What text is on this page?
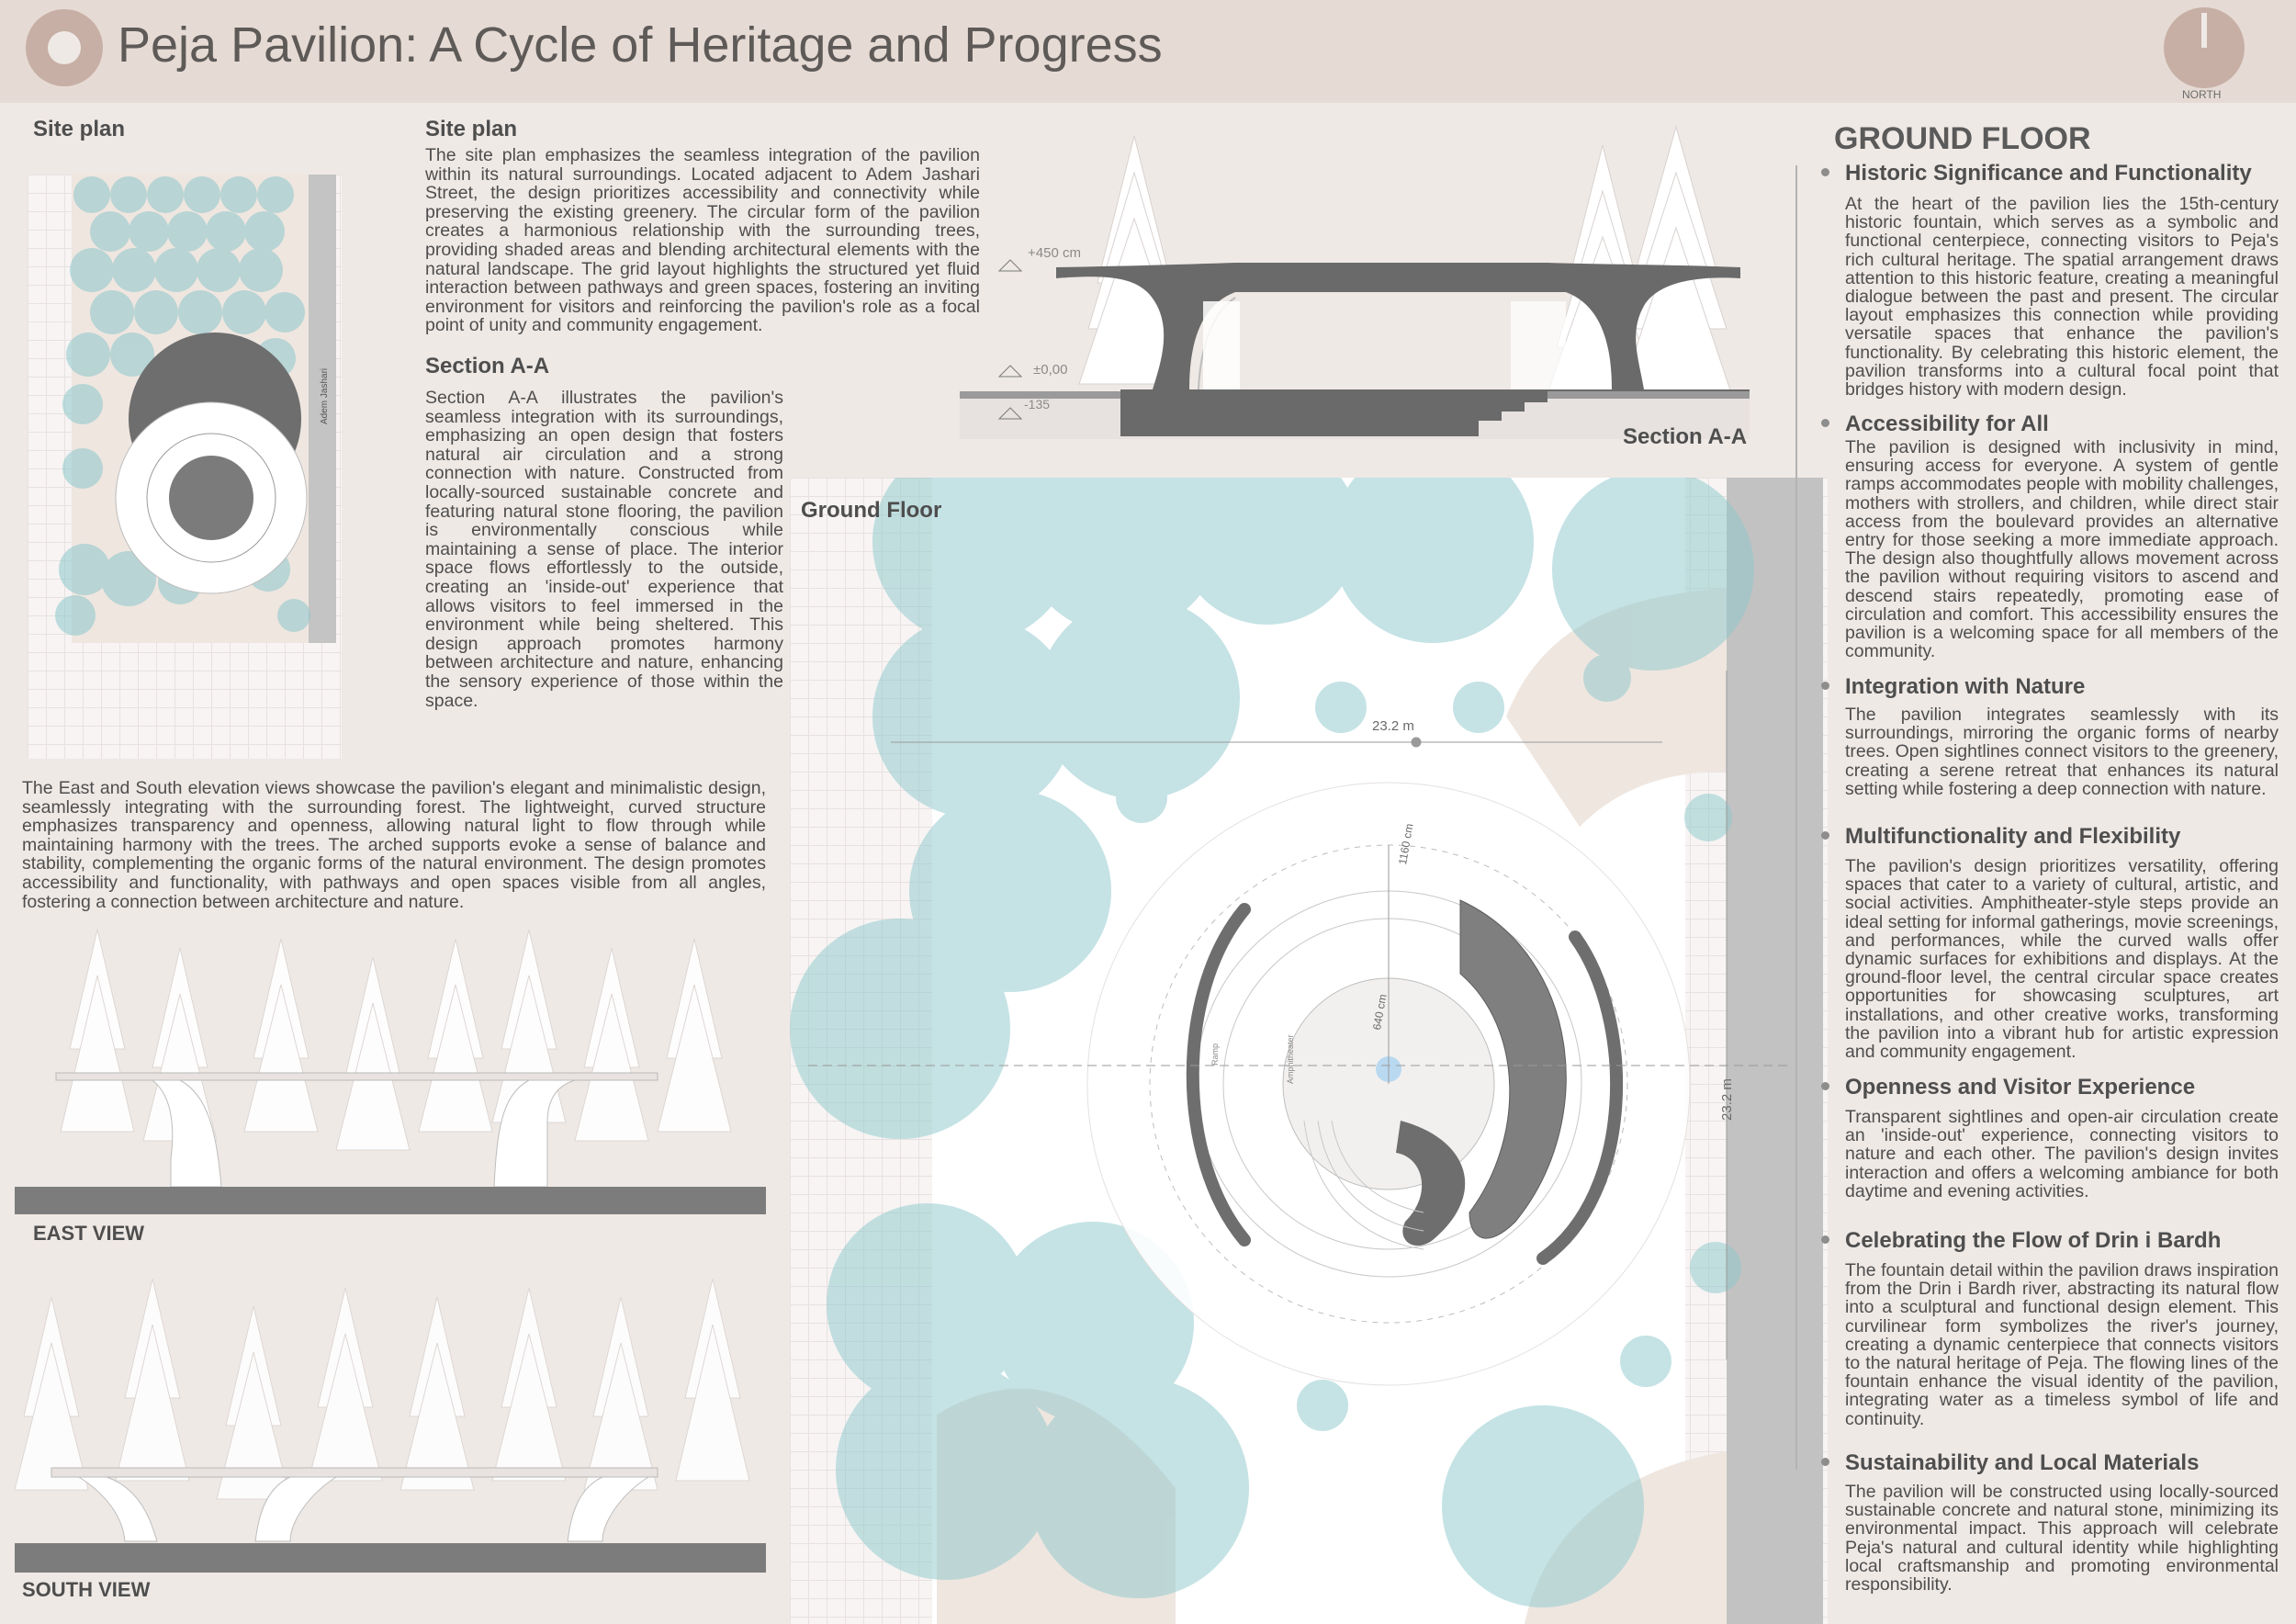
Peja Pavilion: A Cycle of Heritage and Progress
NORTH
Site plan
Adem Jashari
Site plan
The site plan emphasizes the seamless integration of the pavilion within its natural surroundings. Located adjacent to Adem Jashari Street, the design prioritizes accessibility and connectivity while preserving the existing greenery. The circular form of the pavilion creates a harmonious relationship with the surrounding trees, providing shaded areas and blending architectural elements with the natural landscape. The grid layout highlights the structured yet fluid interaction between pathways and green spaces, fostering an inviting environment for visitors and reinforcing the pavilion's role as a focal point of unity and community engagement.
Section A-A
Section A-A illustrates the pavilion's seamless integration with its surroundings, emphasizing an open design that fosters natural air circulation and a strong connection with nature. Constructed from locally-sourced sustainable concrete and featuring natural stone flooring, the pavilion is environmentally conscious while maintaining a sense of place. The interior space flows effortlessly to the outside, creating an 'inside-out' experience that allows visitors to feel immersed in the environment while being sheltered. This design approach promotes harmony between architecture and nature, enhancing the sensory experience of those within the space.
+450 cm
±0,00
-135
Section A-A
The East and South elevation views showcase the pavilion's elegant and minimalistic design, seamlessly integrating with the surrounding forest. The lightweight, curved structure emphasizes transparency and openness, allowing natural light to flow through while maintaining harmony with the trees. The arched supports evoke a sense of balance and stability, complementing the organic forms of the natural environment. The design promotes accessibility and functionality, with pathways and open spaces visible from all angles, fostering a connection between architecture and nature.
EAST VIEW
SOUTH VIEW
Ground Floor
23.2 m
23.2 m
1160 cm
640 cm
Ramp	Amphitheater
GROUND FLOOR
Historic Significance and Functionality
At the heart of the pavilion lies the 15th-century historic fountain, which serves as a symbolic and functional centerpiece, connecting visitors to Peja's rich cultural heritage. The spatial arrangement draws attention to this historic feature, creating a meaningful dialogue between the past and present. The circular layout emphasizes this connection while providing versatile spaces that enhance the pavilion's functionality. By celebrating this historic element, the pavilion transforms into a cultural focal point that bridges history with modern design.
Accessibility for All
The pavilion is designed with inclusivity in mind, ensuring access for everyone. A system of gentle ramps accommodates people with mobility challenges, mothers with strollers, and children, while direct stair access from the boulevard provides an alternative entry for those seeking a more immediate approach. The design also thoughtfully allows movement across the pavilion without requiring visitors to ascend and descend stairs repeatedly, promoting ease of circulation and comfort. This accessibility ensures the pavilion is a welcoming space for all members of the community.
Integration with Nature
The pavilion integrates seamlessly with its surroundings, mirroring the organic forms of nearby trees. Open sightlines connect visitors to the greenery, creating a serene retreat that enhances its natural setting while fostering a deep connection with nature.
Multifunctionality and Flexibility
The pavilion's design prioritizes versatility, offering spaces that cater to a variety of cultural, artistic, and social activities. Amphitheater-style steps provide an ideal setting for informal gatherings, movie screenings, and performances, while the curved walls offer dynamic surfaces for exhibitions and displays. At the ground-floor level, the central circular space creates opportunities for showcasing sculptures, art installations, and other creative works, transforming the pavilion into a vibrant hub for artistic expression and community engagement.
Openness and Visitor Experience
Transparent sightlines and open-air circulation create an 'inside-out' experience, connecting visitors to nature and each other. The pavilion's design invites interaction and offers a welcoming ambiance for both daytime and evening activities.
Celebrating the Flow of Drin i Bardh
The fountain detail within the pavilion draws inspiration from the Drin i Bardh river, abstracting its natural flow into a sculptural and functional design element. This curvilinear form symbolizes the river's journey, creating a dynamic centerpiece that connects visitors to the natural heritage of Peja. The flowing lines of the fountain enhance the visual identity of the pavilion, integrating water as a timeless symbol of life and continuity.
Sustainability and Local Materials
The pavilion will be constructed using locally-sourced sustainable concrete and natural stone, minimizing its environmental impact. This approach will celebrate Peja's natural and cultural identity while highlighting local craftsmanship and promoting environmental responsibility.
